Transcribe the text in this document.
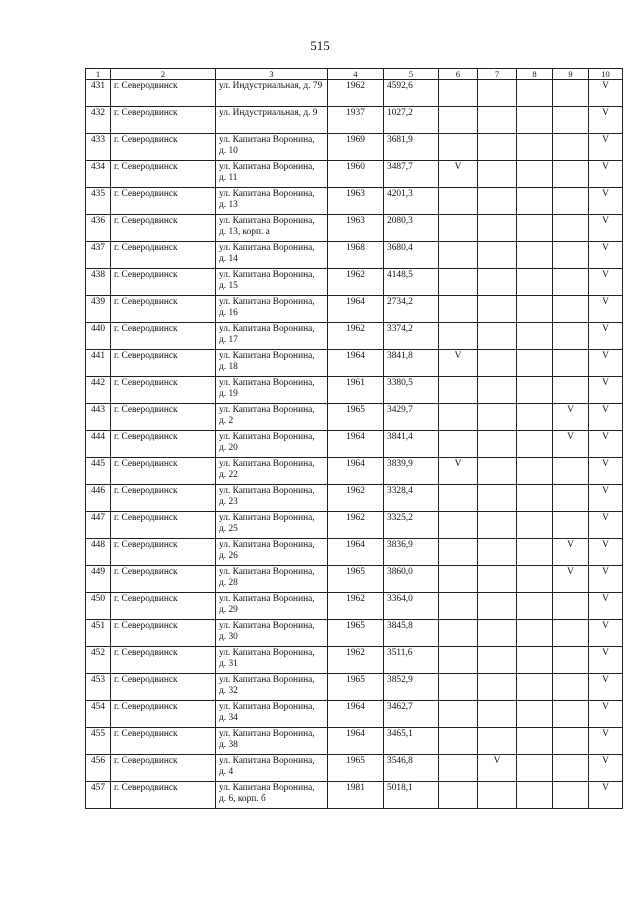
515
1	2	3	4	5	6	7	8	9	10
431	г. Северодвинск	ул. Индустриальная, д. 79	1962	4592,6					V
432	г. Северодвинск	ул. Индустриальная, д. 9	1937	1027,2					V
433	г. Северодвинск	ул. Капитана Воронина, д. 10	1969	3681,9					V
434	г. Северодвинск	ул. Капитана Воронина, д. 11	1960	3487,7	V				V
435	г. Северодвинск	ул. Капитана Воронина, д. 13	1963	4201,3					V
436	г. Северодвинск	ул. Капитана Воронина, д. 13, корп. а	1963	2080,3					V
437	г. Северодвинск	ул. Капитана Воронина, д. 14	1968	3680,4					V
438	г. Северодвинск	ул. Капитана Воронина, д. 15	1962	4148,5					V
439	г. Северодвинск	ул. Капитана Воронина, д. 16	1964	2734,2					V
440	г. Северодвинск	ул. Капитана Воронина, д. 17	1962	3374,2					V
441	г. Северодвинск	ул. Капитана Воронина, д. 18	1964	3841,8	V				V
442	г. Северодвинск	ул. Капитана Воронина, д. 19	1961	3380,5					V
443	г. Северодвинск	ул. Капитана Воронина, д. 2	1965	3429,7				V	V
444	г. Северодвинск	ул. Капитана Воронина, д. 20	1964	3841,4				V	V
445	г. Северодвинск	ул. Капитана Воронина, д. 22	1964	3839,9	V				V
446	г. Северодвинск	ул. Капитана Воронина, д. 23	1962	3328,4					V
447	г. Северодвинск	ул. Капитана Воронина, д. 25	1962	3325,2					V
448	г. Северодвинск	ул. Капитана Воронина, д. 26	1964	3836,9				V	V
449	г. Северодвинск	ул. Капитана Воронина, д. 28	1965	3860,0				V	V
450	г. Северодвинск	ул. Капитана Воронина, д. 29	1962	3364,0					V
451	г. Северодвинск	ул. Капитана Воронина, д. 30	1965	3845,8					V
452	г. Северодвинск	ул. Капитана Воронина, д. 31	1962	3511,6					V
453	г. Северодвинск	ул. Капитана Воронина, д. 32	1965	3852,9					V
454	г. Северодвинск	ул. Капитана Воронина, д. 34	1964	3462,7					V
455	г. Северодвинск	ул. Капитана Воронина, д. 38	1964	3465,1					V
456	г. Северодвинск	ул. Капитана Воронина, д. 4	1965	3546,8		V			V
457	г. Северодвинск	ул. Капитана Воронина, д. 6, корп. б	1981	5018,1					V
